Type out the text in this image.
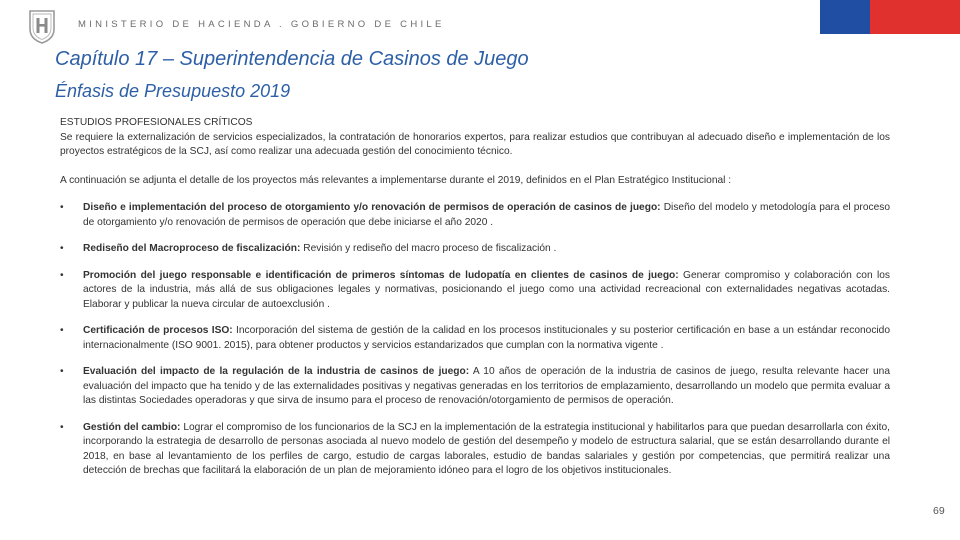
MINISTERIO DE HACIENDA . GOBIERNO DE CHILE
Capítulo 17 – Superintendencia de Casinos de Juego
Énfasis de Presupuesto 2019

ESTUDIOS PROFESIONALES CRÍTICOS

Se requiere la externalización de servicios especializados, la contratación de honorarios expertos, para realizar estudios que contribuyan al adecuado diseño e implementación de los proyectos estratégicos de la SCJ, así como realizar una adecuada gestión del conocimiento técnico.

A continuación se adjunta el detalle de los proyectos más relevantes a implementarse durante el 2019, definidos en el Plan Estratégico Institucional :

• Diseño e implementación del proceso de otorgamiento y/o renovación de permisos de operación de casinos de juego: Diseño del modelo y metodología para el proceso de otorgamiento y/o renovación de permisos de operación que debe iniciarse el año 2020 .
• Rediseño del Macroproceso de fiscalización: Revisión y rediseño del macro proceso de fiscalización .
• Promoción del juego responsable e identificación de primeros síntomas de ludopatía en clientes de casinos de juego: Generar compromiso y colaboración con los actores de la industria, más allá de sus obligaciones legales y normativas, posicionando el juego como una actividad recreacional con externalidades negativas acotadas. Elaborar y publicar la nueva circular de autoexclusión .
• Certificación de procesos ISO: Incorporación del sistema de gestión de la calidad en los procesos institucionales y su posterior certificación en base a un estándar reconocido internacionalmente (ISO 9001. 2015), para obtener productos y servicios estandarizados que cumplan con la normativa vigente .
• Evaluación del impacto de la regulación de la industria de casinos de juego: A 10 años de operación de la industria de casinos de juego, resulta relevante hacer una evaluación del impacto que ha tenido y de las externalidades positivas y negativas generadas en los territorios de emplazamiento, desarrollando un modelo que permita evaluar a las distintas Sociedades operadoras y que sirva de insumo para el proceso de renovación/otorgamiento de permisos de operación.
• Gestión del cambio: Lograr el compromiso de los funcionarios de la SCJ en la implementación de la estrategia institucional y habilitarlos para que puedan desarrollarla con éxito, incorporando la estrategia de desarrollo de personas asociada al nuevo modelo de gestión del desempeño y modelo de estructura salarial, que se están desarrollando durante el 2018, en base al levantamiento de los perfiles de cargo, estudio de cargas laborales, estudio de bandas salariales y gestión por competencias, que permitirá realizar una detección de brechas que facilitará la elaboración de un plan de mejoramiento idóneo para el logro de los objetivos institucionales.
69
